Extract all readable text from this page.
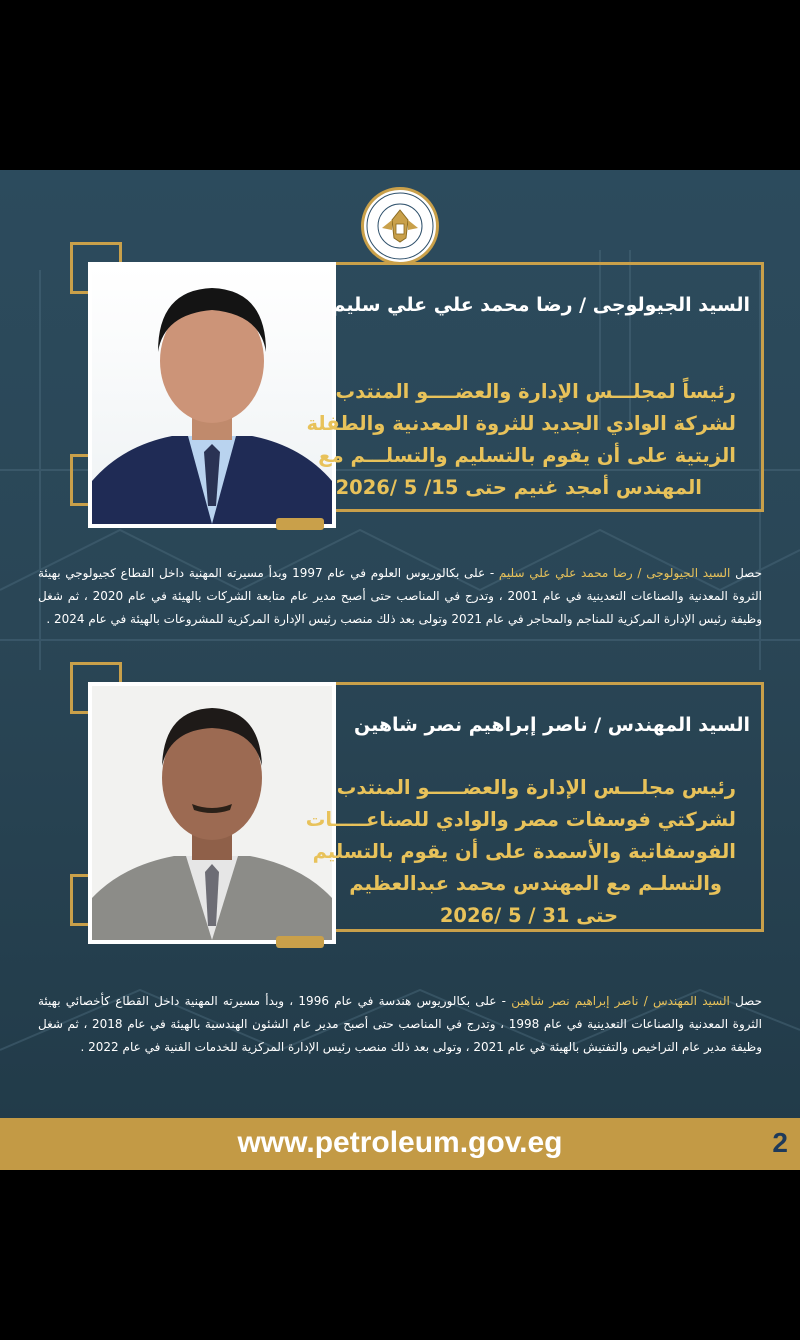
السيد الجيولوجى / رضا محمد علي علي سليم
رئيساً لمجلـــس الإدارة والعضــــو المنتدب
لشركة الوادي الجديد للثروة المعدنية والطفلة
الزيتية على أن يقوم بالتسليم والتسلـــم مع
المهندس أمجد غنيم حتى 15/ 5 /2026
حصل السيد الجيولوجى / رضا محمد علي علي سليم - على بكالوريوس العلوم في عام 1997 وبدأ مسيرته المهنية داخل القطاع كجيولوجي بهيئة الثروة المعدنية والصناعات التعدينية في عام 2001 ، وتدرج في المناصب حتى أصبح مدير عام متابعة الشركات بالهيئة في عام 2020 ، ثم شغل وظيفة رئيس الإدارة المركزية للمناجم والمحاجر في عام 2021 وتولى بعد ذلك منصب رئيس الإدارة المركزية للمشروعات بالهيئة في عام 2024 .
السيد المهندس / ناصر إبراهيم نصر شاهين
رئيس مجلـــس الإدارة والعضـــــو المنتدب
لشركتي فوسفات مصر والوادي للصناعـــــات
الفوسفاتية والأسمدة على أن يقوم بالتسليم
والتسلـم مع المهندس محمد عبدالعظيم
حتى 31 / 5 /2026
حصل السيد المهندس / ناصر إبراهيم نصر شاهين - على بكالوريوس هندسة في عام 1996 ، وبدأ مسيرته المهنية داخل القطاع كأخصائي بهيئة الثروة المعدنية والصناعات التعدينية في عام 1998 ، وتدرج في المناصب حتى أصبح مدير عام الشئون الهندسية بالهيئة في عام 2018 ، ثم شغل وظيفة مدير عام التراخيص والتفتيش بالهيئة في عام 2021 ، وتولى بعد ذلك منصب رئيس الإدارة المركزية للخدمات الفنية في عام 2022 .
www.petroleum.gov.eg	2
